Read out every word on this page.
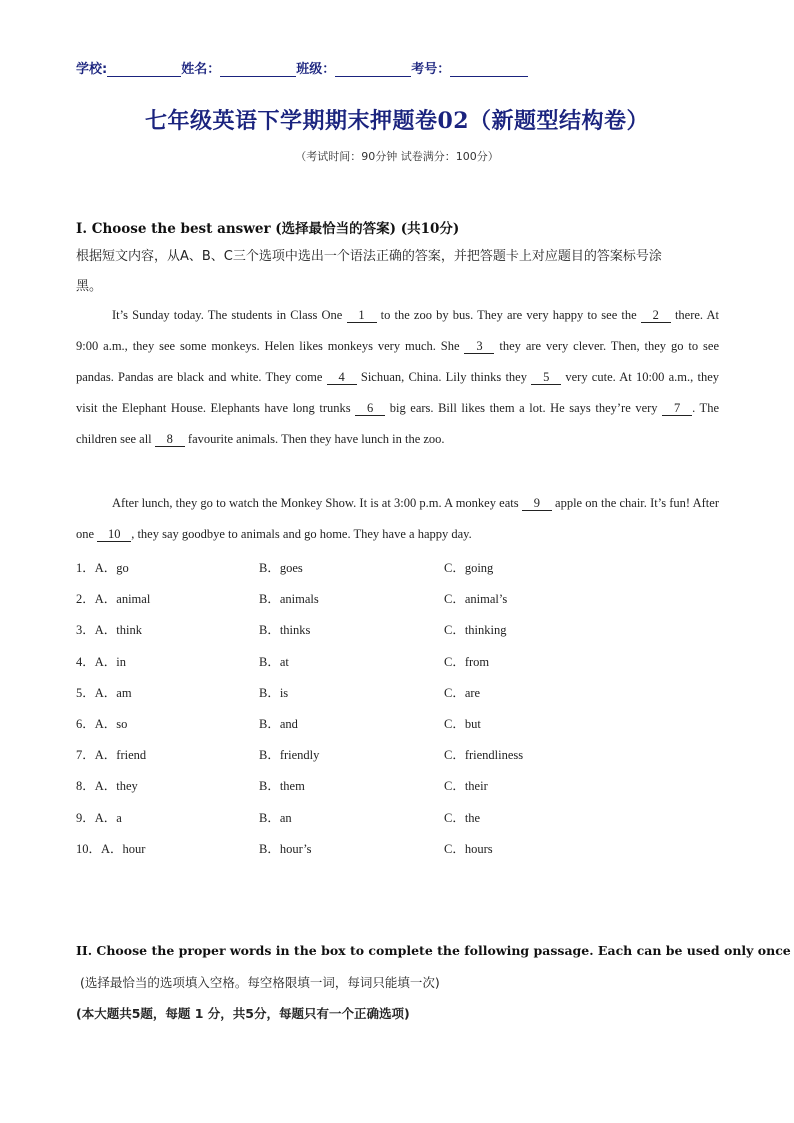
学校:	姓名：	班级：	考号：
七年级英语下学期期末押题卷02（新题型结构卷）
（考试时间：90分钟 试卷满分：100分）
I. Choose the best answer (选择最恰当的答案) (共10分)
根据短文内容，从A、B、C三个选项中选出一个语法正确的答案，并把答题卡上对应题目的答案标号涂
黑。
It’s Sunday today. The students in Class One 1 to the zoo by bus. They are very happy to see the 2 there. At 9:00 a.m., they see some monkeys. Helen likes monkeys very much. She 3 they are very clever. Then, they go to see pandas. Pandas are black and white. They come 4 Sichuan, China. Lily thinks they 5 very cute. At 10:00 a.m., they visit the Elephant House. Elephants have long trunks 6 big ears. Bill likes them a lot. He says they’re very 7 . The children see all 8 favourite animals. Then they have lunch in the zoo.
After lunch, they go to watch the Monkey Show. It is at 3:00 p.m. A monkey eats 9 apple on the chair. It’s fun! After one 10 , they say goodbye to animals and go home. They have a happy day.
1．A．go	B．goes	C．going
2．A．animal	B．animals	C．animal’s
3．A．think	B．thinks	C．thinking
4．A．in	B．at	C．from
5．A．am	B．is	C．are
6．A．so	B．and	C．but
7．A．friend	B．friendly	C．friendliness
8．A．they	B．them	C．their
9．A．a	B．an	C．the
10．A．hour	B．hour’s	C．hours
II. Choose the proper words in the box to complete the following passage. Each can be used only once
(选择最恰当的选项填入空格。每空格限填一词，每词只能填一次)
(本大题共5题，每题 1 分，共5分，每题只有一个正确选项)
